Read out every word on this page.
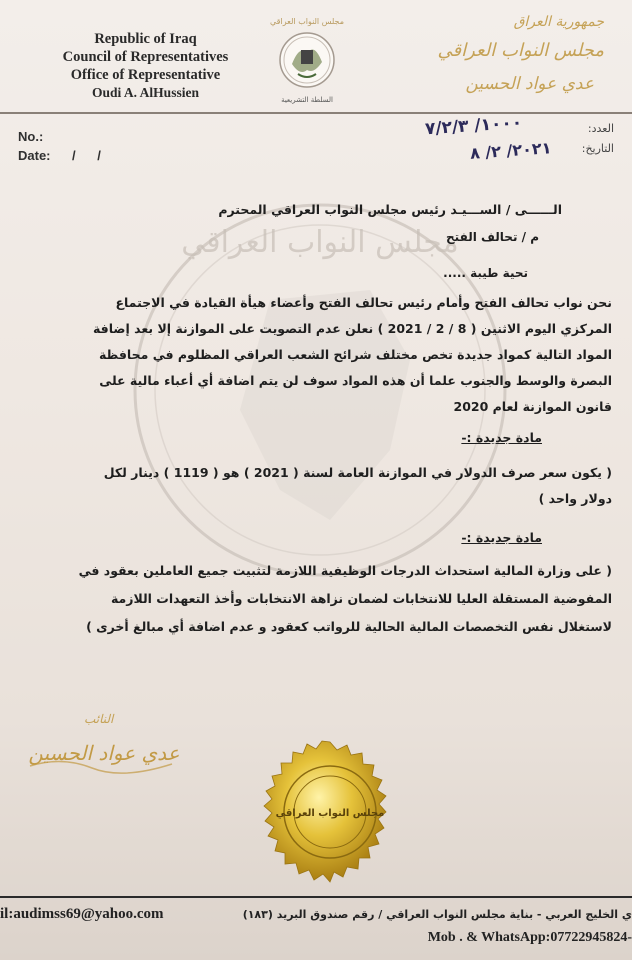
Republic of Iraq
Council of Representatives
Office of Representative
Oudi A. AlHussien
مجلس النواب العراقي
السلطة التشريعية
جمهورية العراق
مجلس النواب العراقي
عدي عواد الحسين
No.:
Date: / /
العدد:
التاريخ:
١٠٠٠/ ٧/٢/٣
٢٠٢١/ ٢/ ٨
مجلس النواب العراقي
الــــــى / الســـيـد رئيس مجلس النواب العراقي المحترم
م / تحالف الفتح
تحية طيبة .....
نحن نواب تحالف الفتح وأمام رئيس تحالف الفتح وأعضاء هيأة القيادة في الاجتماع
المركزي اليوم الاثنين ( 8 / 2 / 2021 ) نعلن عدم التصويت على الموازنة إلا بعد إضافة
المواد التالية كمواد جديدة تخص مختلف شرائح الشعب العراقي المظلوم في محافظة
البصرة والوسط والجنوب علما أن هذه المواد سوف لن يتم اضافة أي أعباء مالية على
قانون الموازنة لعام 2020
مادة جديدة :-
( يكون سعر صرف الدولار في الموازنة العامة لسنة ( 2021 ) هو ( 1119 ) دينار لكل
دولار واحد )
مادة جديدة :-
( على وزارة المالية استحداث الدرجات الوظيفية اللازمة لتثبيت جميع العاملين بعقود في
المفوضية المستقلة العليا للانتخابات لضمان نزاهة الانتخابات وأخذ التعهدات اللازمة
لاستغلال نفس التخصصات المالية الحالية للرواتب كعقود و عدم اضافة أي مبالغ أخرى )
النائب
عدي عواد الحسين
مجلس النواب العراقي
il:audimss69@yahoo.com	ي الخليج العربي - بناية مجلس النواب العراقي / رقم صندوق البريد (١٨٣)
Mob . & WhatsApp:07722945824-
